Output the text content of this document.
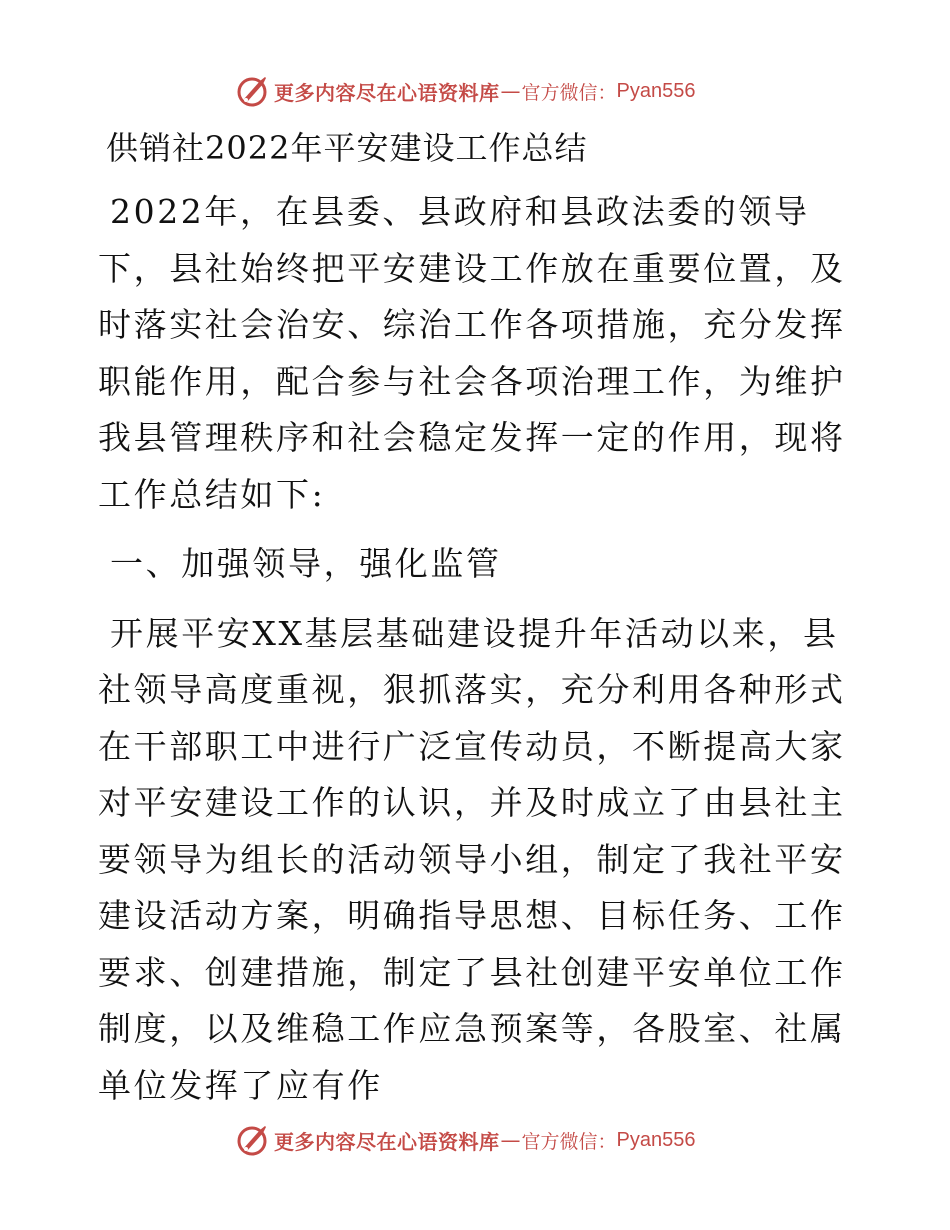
更多内容尽在心语资料库 — 官方微信： Pyan556
供销社2022年平安建设工作总结

2022年，在县委、县政府和县政法委的领导下，县社始终把平安建设工作放在重要位置，及时落实社会治安、综治工作各项措施，充分发挥职能作用，配合参与社会各项治理工作，为维护我县管理秩序和社会稳定发挥一定的作用，现将工作总结如下:

一、加强领导，强化监管

开展平安XX基层基础建设提升年活动以来，县社领导高度重视，狠抓落实，充分利用各种形式在干部职工中进行广泛宣传动员，不断提高大家对平安建设工作的认识，并及时成立了由县社主要领导为组长的活动领导小组，制定了我社平安建设活动方案，明确指导思想、目标任务、工作要求、创建措施，制定了县社创建平安单位工作制度，以及维稳工作应急预案等，各股室、社属单位发挥了应有作

更多内容尽在心语资料库 — 官方微信： Pyan556
